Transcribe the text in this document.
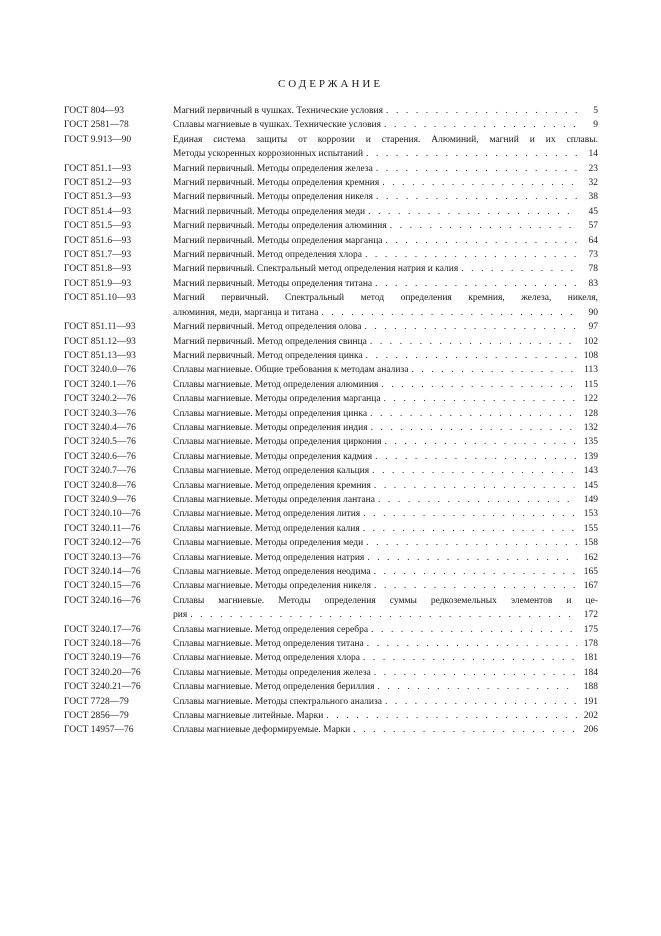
СОДЕРЖАНИЕ
ГОСТ 804—93	Магний первичный в чушках. Технические условия . . .	5
ГОСТ 2581—78	Сплавы магниевые в чушках. Технические условия . . .	9
ГОСТ 9.913—90	Единая система защиты от коррозии и старения. Алюминий, магний и их сплавы.
Методы ускоренных коррозионных испытаний . . .	14
ГОСТ 851.1—93	Магний первичный. Методы определения железа . . .	23
ГОСТ 851.2—93	Магний первичный. Методы определения кремния . . .	32
ГОСТ 851.3—93	Магний первичный. Методы определения никеля . . .	38
ГОСТ 851.4—93	Магний первичный. Методы определения меди . . .	45
ГОСТ 851.5—93	Магний первичный. Методы определения алюминия . . .	57
ГОСТ 851.6—93	Магний первичный. Методы определения марганца . . .	64
ГОСТ 851.7—93	Магний первичный. Метод определения хлора . . .	73
ГОСТ 851.8—93	Магний первичный. Спектральный метод определения натрия и калия . . .	78
ГОСТ 851.9—93	Магний первичный. Методы определения титана . . .	83
ГОСТ 851.10—93	Магний первичный. Спектральный метод определения кремния, железа, никеля,
алюминия, меди, марганца и титана . . .	90
ГОСТ 851.11—93	Магний первичный. Метод определения олова . . .	97
ГОСТ 851.12—93	Магний первичный. Метод определения свинца . . .	102
ГОСТ 851.13—93	Магний первичный. Метод определения цинка . . .	108
ГОСТ 3240.0—76	Сплавы магниевые. Общие требования к методам анализа . . .	113
ГОСТ 3240.1—76	Сплавы магниевые. Метод определения алюминия . . .	115
ГОСТ 3240.2—76	Сплавы магниевые. Методы определения марганца . . .	122
ГОСТ 3240.3—76	Сплавы магниевые. Методы определения цинка . . .	128
ГОСТ 3240.4—76	Сплавы магниевые. Методы определения индия . . .	132
ГОСТ 3240.5—76	Сплавы магниевые. Методы определения циркония . . .	135
ГОСТ 3240.6—76	Сплавы магниевые. Методы определения кадмия . . .	139
ГОСТ 3240.7—76	Сплавы магниевые. Метод определения кальция . . .	143
ГОСТ 3240.8—76	Сплавы магниевые. Метод определения кремния . . .	145
ГОСТ 3240.9—76	Сплавы магниевые. Методы определения лантана . . .	149
ГОСТ 3240.10—76	Сплавы магниевые. Метод определения лития . . .	153
ГОСТ 3240.11—76	Сплавы магниевые. Метод определения калия . . .	155
ГОСТ 3240.12—76	Сплавы магниевые. Методы определения меди . . .	158
ГОСТ 3240.13—76	Сплавы магниевые. Метод определения натрия . . .	162
ГОСТ 3240.14—76	Сплавы магниевые. Метод определения неодима . . .	165
ГОСТ 3240.15—76	Сплавы магниевые. Методы определения никеля . . .	167
ГОСТ 3240.16—76	Сплавы магниевые. Методы определения суммы редкоземельных элементов и це-
рия . . .	172
ГОСТ 3240.17—76	Сплавы магниевые. Метод определения серебра . . .	175
ГОСТ 3240.18—76	Сплавы магниевые. Метод определения титана . . .	178
ГОСТ 3240.19—76	Сплавы магниевые. Метод определения хлора . . .	181
ГОСТ 3240.20—76	Сплавы магниевые. Методы определения железа . . .	184
ГОСТ 3240.21—76	Сплавы магниевые. Метод определения бериллия . . .	188
ГОСТ 7728—79	Сплавы магниевые. Методы спектрального анализа . . .	191
ГОСТ 2856—79	Сплавы магниевые литейные. Марки . . .	202
ГОСТ 14957—76	Сплавы магниевые деформируемые. Марки . . .	206
